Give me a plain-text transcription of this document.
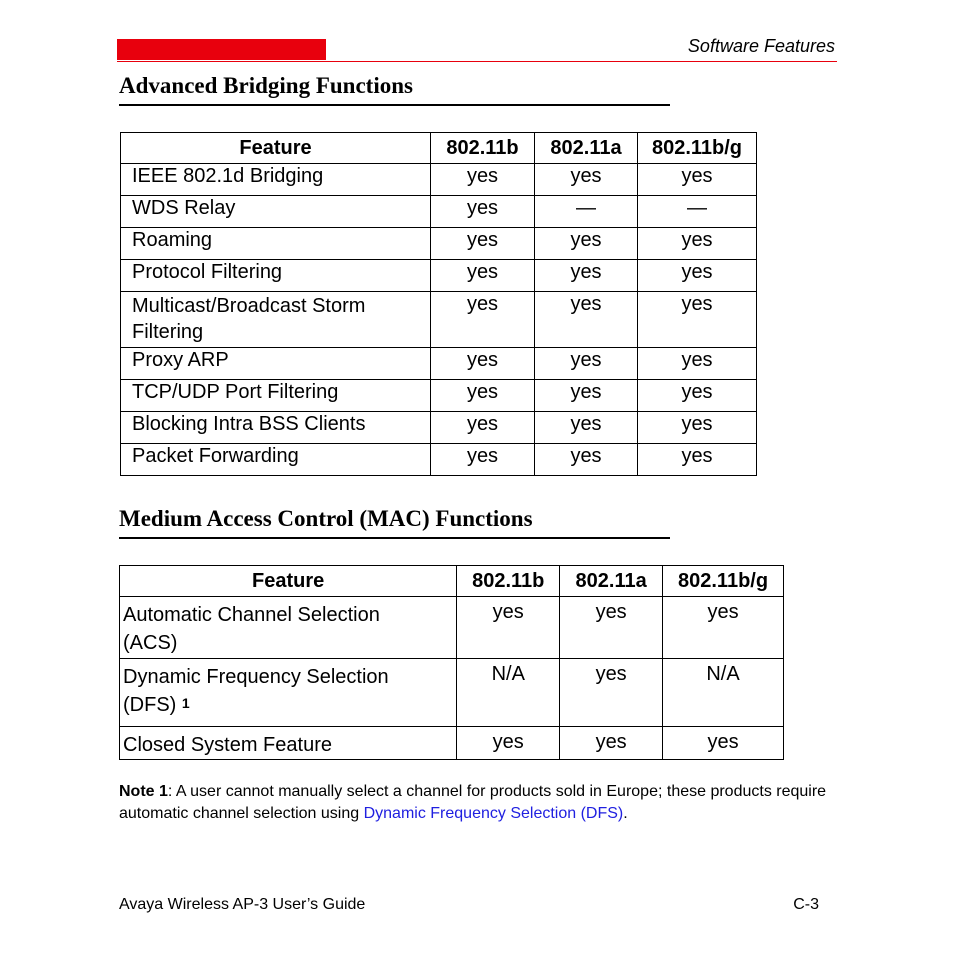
Software Features
Advanced Bridging Functions
Feature	802.11b	802.11a	802.11b/g
IEEE 802.1d Bridging	yes	yes	yes
WDS Relay	yes	—	—
Roaming	yes	yes	yes
Protocol Filtering	yes	yes	yes
Multicast/Broadcast Storm Filtering	yes	yes	yes
Proxy ARP	yes	yes	yes
TCP/UDP Port Filtering	yes	yes	yes
Blocking Intra BSS Clients	yes	yes	yes
Packet Forwarding	yes	yes	yes
Medium Access Control (MAC) Functions
Feature	802.11b	802.11a	802.11b/g
Automatic Channel Selection (ACS)	yes	yes	yes
Dynamic Frequency Selection (DFS) $^1$	N/A	yes	N/A
Closed System Feature	yes	yes	yes
Note 1: A user cannot manually select a channel for products sold in Europe; these products require automatic channel selection using Dynamic Frequency Selection (DFS).
Avaya Wireless AP-3 User’s Guide	C-3
